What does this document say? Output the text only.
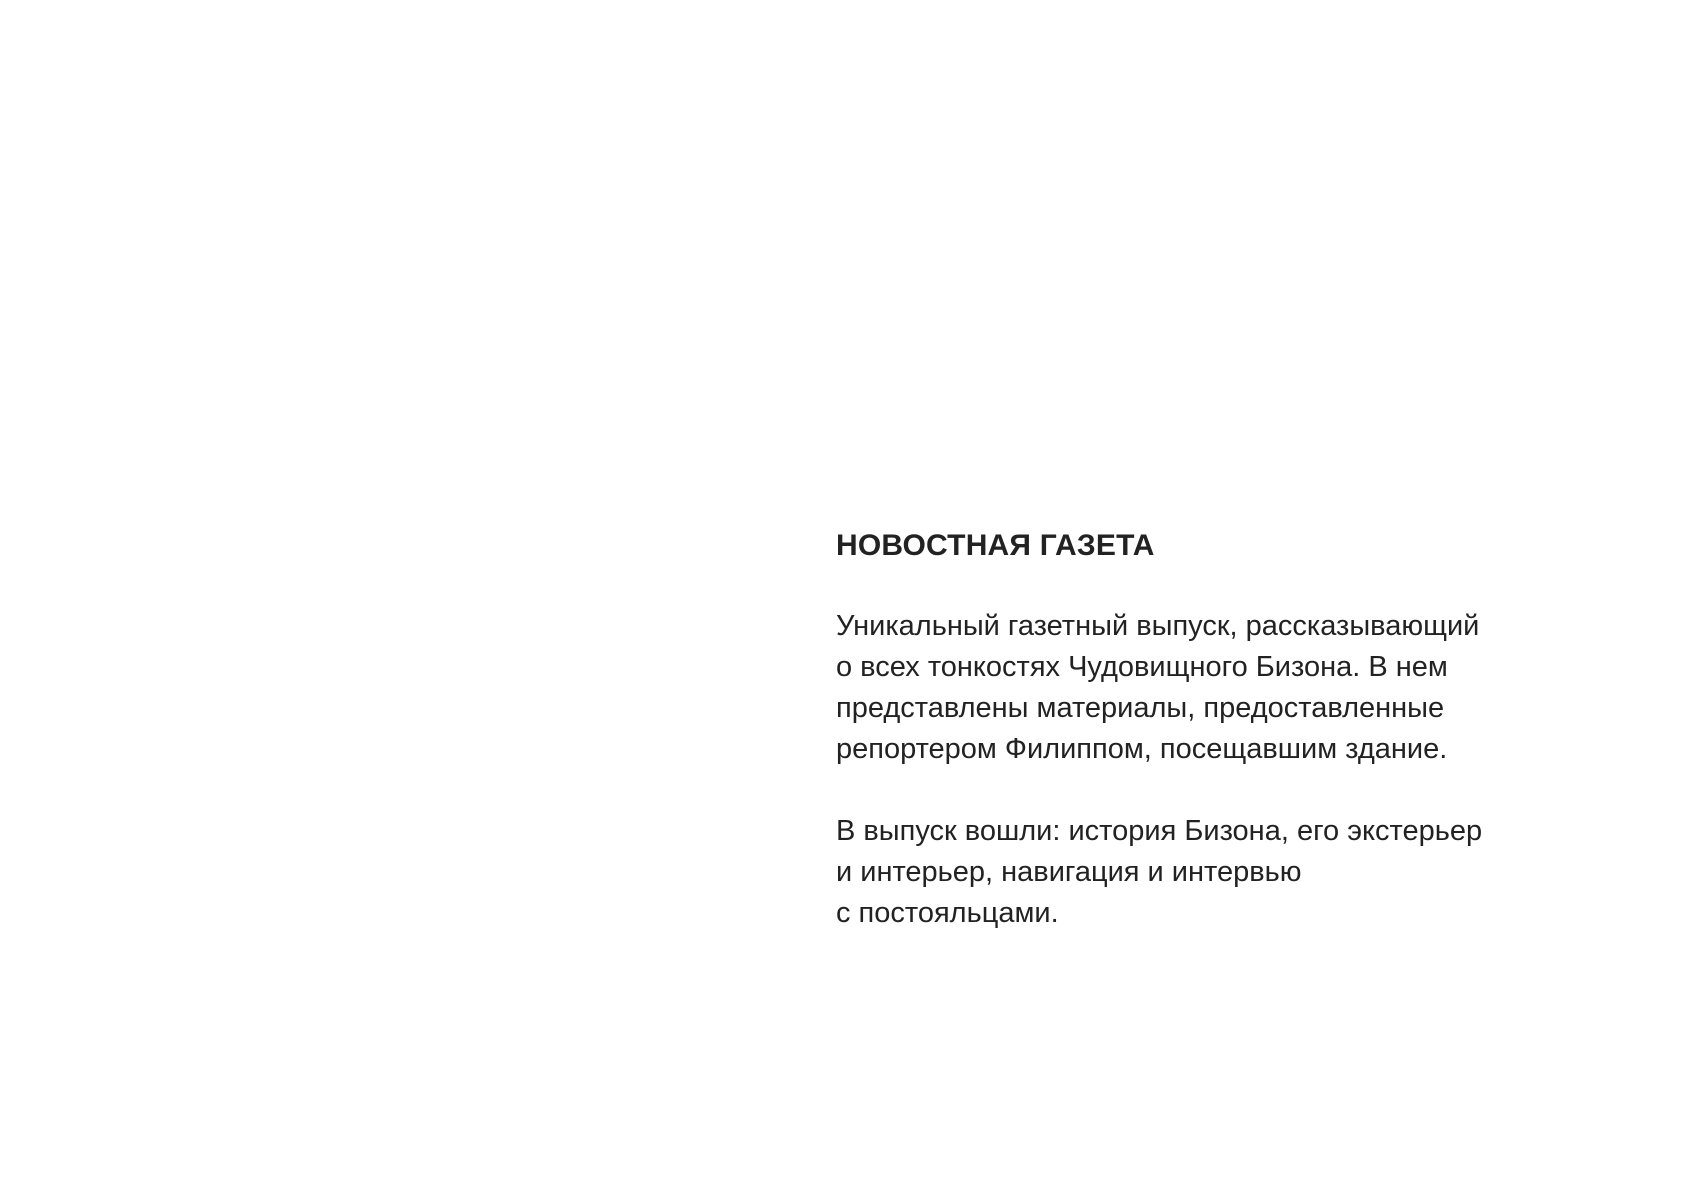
НОВОСТНАЯ ГАЗЕТА

Уникальный газетный выпуск, рассказывающий
о всех тонкостях Чудовищного Бизона. В нем
представлены материалы, предоставленные
репортером Филиппом, посещавшим здание.

В выпуск вошли: история Бизона, его экстерьер
и интерьер, навигация и интервью
с постояльцами.
